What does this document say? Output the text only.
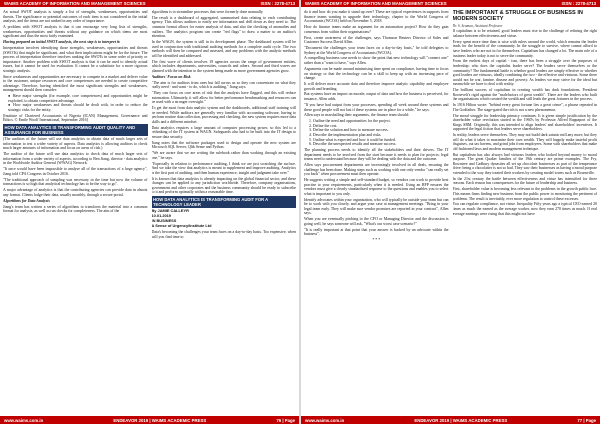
WAIMS ACADEMY OF INFORMATION AND MANAGEMENT SCIENCES	ISSN : 2278-4713

An actual SWOT analysis is simply a list of strengths, weaknesses, opportunities and threats. The significance or potential outcomes of each item is not considered in the initial analysis, and the items are not ranked in any order of importance.

A problem with SWOT analysis is that it can encourage very long lists of strengths, weaknesses, opportunities and threats without any guidance on which items are most significant and thus the most fairly examined.

Having prepared an initial SWOT analysis, the next step is to interpret it:

Interpretation involves identifying those strengths, weaknesses, opportunities and threats (SWOTs) that might be significant, and what their implications might be for the future. The process of interpretation therefore involves ranking the SWOTs in some order of priority or importance. Another problem with SWOT analysis is that it can be used to identify actual issues, but it cannot be used for evaluation. It cannot be a substitute for a more rigorous strategic analysis.

Since weaknesses and opportunities are necessary to compete in a market and deliver value to the customer, unique resources and core competences are needed to create competitive advantage. Therefore, having identified the most significant strengths and weaknesses, management should then consider:

● Have major strengths (for example, core competences) and opportunities might be exploited, to obtain competitive advantage.
● How major weaknesses and threats should be dealt with, in order to reduce the strategic risks for the entity.

[Institute of Chartered Accountants of Nigeria (ICAN) Management, Governance and Ethics. © Emile Woolf International, September 2016]

HOW DATA ANALYTICS IS TRANSFORMING AUDIT QUALITY AND ASSURANCE FOR BUSINESS

(The auditors of the future will use data analytics to obtain data of much larger sets of information to test a wider variety of aspects. Data analytics is allowing auditors to check much larger amounts of information and focus on areas of risk.)

The auditor of the future will use data analytics to check data of much larger sets of information from a wider variety of aspects, according to Ben Jiang, director - data analytics in the Worldwide Auditor General (WWAG) Network.

"It once would have been impossible to analyse all of the transactions of a large agency", Jiang told CPA Congress in October 2016.

"The traditional approach of sampling was necessary in the time but now the volume of transactions is so high that analytical technology has to be the way to go".

A major advantage of analytics is that the contributing agencies can provide data in almost any format. Clients lodge their data, usually monthly, through a secure portal.

Algorithms for Data Analysis

Jiang's team has written a series of algorithms to transform the material into a common format for analysis, as well as run checks for completeness. The aim of the

algorithms is to streamline processes that were formerly done manually.

The result is a dashboard of aggregated, summarised data relating to each contributing agency. This allows auditors to easily see information and drill down as they need to. The common format allows for easier analysis of data, and also the checking of anomalies and outliers. The analytics program can create "red flags" to draw a matter to an auditor's attention.

In the WAGN, the system is still in its development phase. The dashboard system will be used in conjunction with traditional auditing methods for a complete audit cycle. The two methods will then be compared and assessed, and any problems with the analytic methods will be identified and addressed.

The first wave of clients involves 19 agencies across the range of government entities, which includes departments, universities, councils and others. Second and third waves are planned with the intention to the system being made as more government agencies grow.

Auditors' Focus on Risk

"The aim is for auditors from ones but fall across us so they can concentrate on what they really need - and want - to do, which is auditing," Jiang says.

"They can focus on core areas of risk that the analysis have flagged, and this will reduce automation. Ultimately, it will allow for better performance benchmarking and resources can be used with a stronger oversight."

To get the most from data analytic system and the dashboards, additional staff training will be needed. While auditors are generally very familiar with accounting software, having to perform routine data collection, processing and checking, the new system requires more data skills and a different mindset.

Data analytics requires a large amount of computer processing power, so this led to a rethinking of the IT system at WAGN. Safeguards also had to be built into the IT design to ensure data security.

Jiang notes that the software packages used to design and operate the new system are Microsoft SQL Server, Qlik Sense and Python.

"We are aware that we are writing the rulebook rather than working through an existing one," he says.

"Especially in relation to performance auditing, I think we are just scratching the surface. And we take the view that analytics is meant to supplement and improve auditing. Analytics is the first part of auditing, and then human experience, insight and judgment take over."

It is known that data analytics is already impacting on the global financial sector, and these changes can be applied to any jurisdiction worldwide. Therefore, company organisations, government and other corporates and the business community should be ready to subscribe to it and perform optimally within a reasonable time.

HOW DATA ANALYTICS IS TRANSFORMING AUDIT FOR A TECHNOLOGY LEADER
By JAMIE CALLEYR
10.01.2019
IN BUSINESS
A Sense of Urgency/Institute Ltd

Data's becoming the challenges your team faces on a day-to-day basis. Too expensive, when will you find time to

www.waims.com.in	ENDEAVOR 2019 | WAIMS ACADEMIC PRESS	76 | Page
WAIMS ACADEMY OF INFORMATION AND MANAGEMENT SCIENCES	ISSN : 2278-4713

do it and how do you make it stand up over? These are typical experiences in supports from finance teams wanting to upgrade their technology, chapter to the World Congress of Accountants (WCOA) held on November 5, 2018.

How do finance teams make an argument for an automation project? How do they gain consensus from within their organisations?

First, create awareness of the challenges, says Thomson Reuters Director of Sales and Customer Success David Allen.

"Document the challenges your team faces on a day-to-day basis," he told delegates to Sydney at the World Congress of Accountants (WCOA).

A compelling business case needs to show the point that new technology will "connect one" rather than a "want to have," says Allen.

Arguments can be made around minimising time spent on compliance, having time to focus on strategy or that the technology can be a skill to keep up with an increasing pace of change.

It will deliver more accurate data and therefore improve analytic capability and employee growth and branding.

But systems have an impact on morale, output of data and how the business is perceived, for instance, Allen adds.

"If you have bad output from your processes, spending all week around these systems and these good people will not last if these systems are in place for a while," he says.

Allen says in marshalling their arguments, the finance team should:

1. Outline the need and opportunities for the project.
2. Define the cost.
3. Define the solution and how to measure success.
4. Describe the implementation plan and risks.
5. Outline what is expected and how it could be funded.
6. Describe the unexpected results and measure success.

The planning process needs to identify all the stakeholders and their drivers. The IT department needs to be involved from the start because it needs to plan for projects; legal teams need to understand because they will be dealing with the data and the outcome.

Allen says procurement departments are increasingly involved in all deals, ensuring the challenge has been done. Making steps such as working with one only vendor "can really set you back" when procurement must then operate.

He suggests writing a simple and self-standard budget, so vendors can work to provide best practise to your requirements, particularly when it is needed. Using an RFP ensures the vendors must give a clearly standardised response to the questions and enables you to select what is important to you only.

Identify advocates within your organisation, who will typically be outside your team but can be to work with you closely, and argue your case at management meetings. "Bring in your legal team early. They will make sure vendor promises are reported in your contract", Allen says.

When you are eventually pitching to the CFO or Managing Director and the discussion is going well, he says someone will ask, "What's our worst case scenario?"

"It is really important at that point that your answer is backed by an advocate within the business".

* * *

THE IMPORTANT & STRUGGLE OF BUSINESS IN MODERN SOCIETY
Dr. S. Seaman, Assistant Professor

If capitalism is to be retained, good leaders must rise to the challenge of refining the right balance between effectiveness and virtue.

Every spent more time than is wise with rulers around the world, which remains the leader leads for the benefit of the community. In the struggle to survive, where cannot afford to have leaders who are not in for themselves. Capitalism has changed a lot. The main role of a business leader today is not to serve the community.

From the earliest days of capital - ism, there has been a struggle over the purposes of leadership: who does the capitalist leader serve? The leaders serve themselves or the community? The fundamental battle is whether good leaders are simply effective or whether good leaders are virtuous, ideally combining the two - the effective and virtuous. Some there would not be war, famine, disease and poverty. As leaders we may strive for the ideal but meanwhile we have to deal with reality.

The brilliant success of capitalism in creating wealth has dark foundations. President Roosevelt's rigid against the "malefactors of great wealth". There are the leaders who built the organisations which created the wealth and still leads the great fortunes in the process.

In 1916 Hilton wrote: "behind every great fortune lies a great crime", a phrase repeated in The Godfather. The stage-gated the rich is not a new phenomenon.

The moral struggle for leadership primacy continues. It is given simple justification by the shareholder value revolution started in the 1960's by Professor Alfred Rappaport of the Kings SBM. Originally, this was intended to align leaders' and shareholders' incentives. It supported the legal fiction that leaders serve shareholders.

In reality, leaders serve themselves. They may not build dark satanic mill any more, but they will do what it takes to maximise their own wealth. They will happily make tasteful profit disguises, cut tax havens, and grind jobs from employees. Some with shareholders that make old fashioned laws and modern management technique.

But capitalism has also always had virtuous leaders who looked beyond money to moral purpose. The great Quaker families of the 19th century are prime examples. The Fry, Rowntree and Cadbury dynasties all set up chocolate businesses as part of the temperance drive: being a chocolatier is not so bad. They saw their businesses as having a moral purpose extended to the way they treated their workers by creating model towns such as Bournville.

In the 21st century the battle between effectiveness and virtue has intensified for three reasons. Each reason has consequences for the future of leadership and business.

First, shareholder value is becoming less relevant to the problems in the growth public face. This means firms finding new business from the public power to monitoring the pertinent of problems. The result is inevitably, ever more regulation to control these excesses.

You can regulate compliance, not virtue. Inequality Fifty years ago a typical CEO earned 20 times as much the earned as the average worker, now they earn 270 times as much. If real average earnings were rising that this might not have

www.waims.com.in	ENDEAVOR 2019 | WAIMS ACADEMIC PRESS	77 | Page
